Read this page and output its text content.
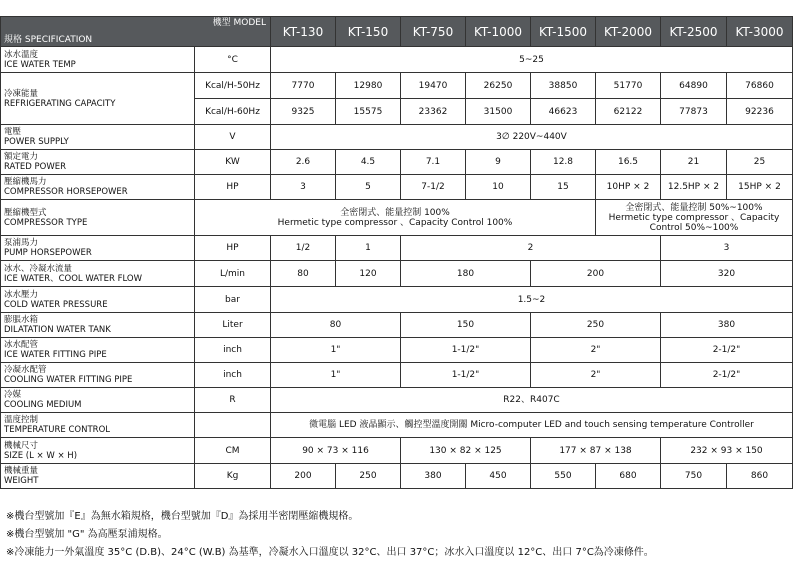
機型 MODEL
規格 SPECIFICATION		KT-130	KT-150	KT-750	KT-1000	KT-1500	KT-2000	KT-2500	KT-3000

冰水溫度
ICE WATER TEMP	°C	5~25							

冷凍能量
REFRIGERATING CAPACITY	Kcal/H-50Hz	7770	12980	19470	26250	38850	51770	64890	76860
	Kcal/H-60Hz	9325	15575	23362	31500	46623	62122	77873	92236

電壓
POWER SUPPLY	V	3∅ 220V~440V							

額定電力
RATED POWER	KW	2.6	4.5	7.1	9	12.8	16.5	21	25

壓縮機馬力
COMPRESSOR HORSEPOWER	HP	3	5	7-1/2	10	15	10HP × 2	12.5HP × 2	15HP × 2

壓縮機型式
COMPRESSOR TYPE	全密閉式、能量控制 100%
Hermetic type compressor 、Capacity Control 100%						全密閉式、能量控制 50%~100%
Hermetic type compressor 、Capacity Control 50%~100%		

泵浦馬力
PUMP HORSEPOWER	HP	1/2	1	2				3	

冰水、冷凝水流量
ICE WATER、COOL WATER FLOW	L/min	80	120	180		200		320	

冰水壓力
COLD WATER PRESSURE	bar	1.5~2							

膨脹水箱
DILATATION WATER TANK	Liter	80		150		250		380	

冰水配管
ICE WATER FITTING PIPE	inch	1"		1-1/2"		2"		2-1/2"	

冷凝水配管
COOLING WATER FITTING PIPE	inch	1"		1-1/2"		2"		2-1/2"	

冷媒
COOLING MEDIUM	R	R22、R407C							

溫度控制
TEMPERATURE CONTROL		微電腦 LED 液晶顯示、觸控型溫度開關 Micro-computer LED and touch sensing temperature Controller							

機械尺寸
SIZE (L × W × H)	CM	90 × 73 × 116		130 × 82 × 125		177 × 87 × 138		232 × 93 × 150	

機械重量
WEIGHT	Kg	200	250	380	450	550	680	750	860
※機台型號加『E』為無水箱規格，機台型號加『D』為採用半密閉壓縮機規格。
※機台型號加 "G" 為高壓泵浦規格。
※冷凍能力一外氣溫度 35°C (D.B)、24°C (W.B) 為基準，冷凝水入口溫度以 32°C、出口 37°C；冰水入口溫度以 12°C、出口 7°C為冷凍條件。
